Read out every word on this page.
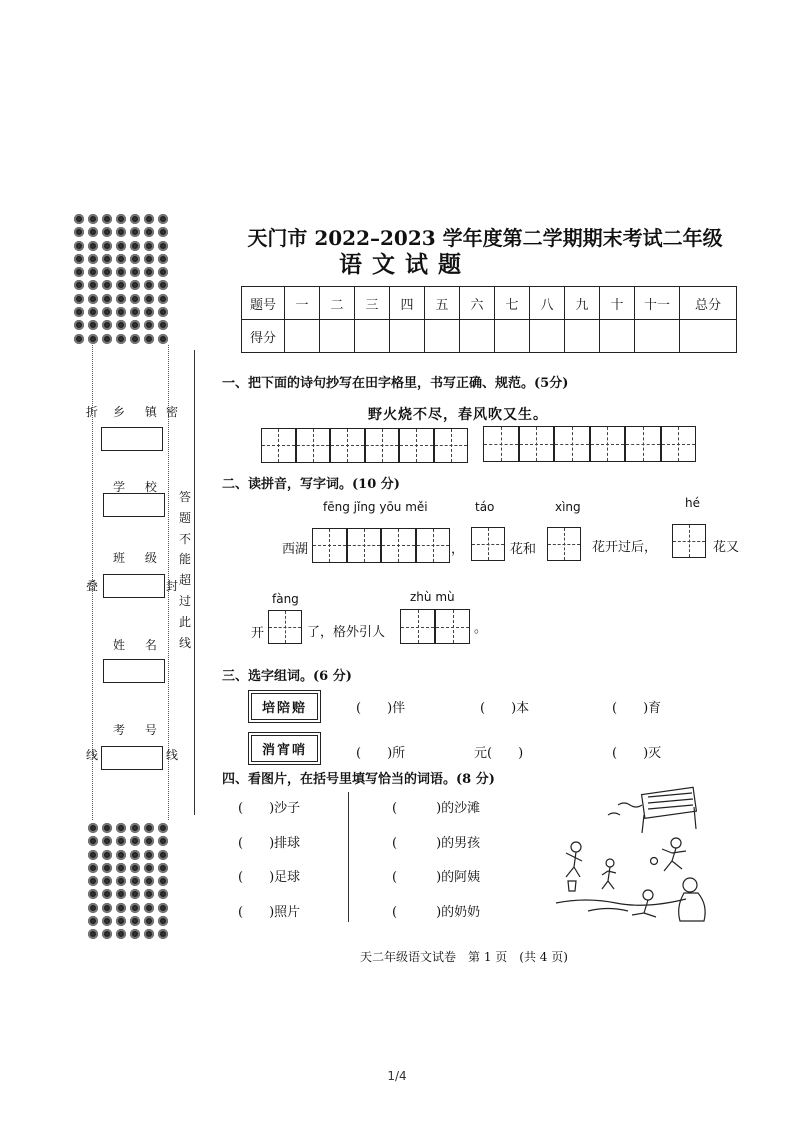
折
叠
线
密
封
线
乡 镇
学 校
班 级
姓 名
考 号
答
题
不
能
超
过
此
线
天门市 2022–2023 学年度第二学期期末考试二年级
语文试题
题号	一	二	三	四	五	六	七	八	九	十	十一	总分
得分												
一、把下面的诗句抄写在田字格里，书写正确、规范。(5分)
野火烧不尽，春风吹又生。
二、读拼音，写字词。(10 分)
fēng jǐng yōu měi	táo	xìng	hé
西湖	，	花和	花开过后，	花又
fàng	zhù mù
开	了，格外引人	。
三、选字组词。(6 分)
培陪赔	(　　)伴	(　　)本	(　　)育
消宵哨	(　　)所	元(　　)	(　　)灭
四、看图片，在括号里填写恰当的词语。(8 分)
(　　)沙子
(　　)排球
(　　)足球
(　　)照片
(　　　)的沙滩
(　　　)的男孩
(　　　)的阿姨
(　　　)的奶奶
天二年级语文试卷　第 1 页　(共 4 页)
1/4
